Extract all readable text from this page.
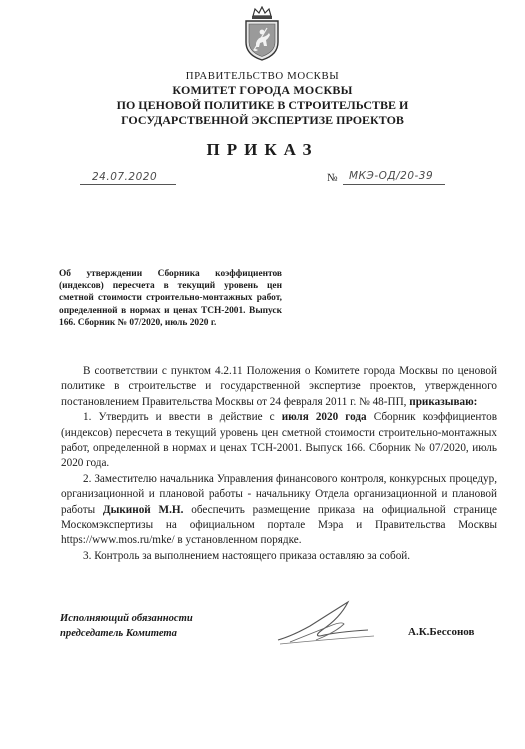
ПРАВИТЕЛЬСТВО МОСКВЫ
КОМИТЕТ ГОРОДА МОСКВЫ
ПО ЦЕНОВОЙ ПОЛИТИКЕ В СТРОИТЕЛЬСТВЕ И
ГОСУДАРСТВЕННОЙ ЭКСПЕРТИЗЕ ПРОЕКТОВ
ПРИКАЗ
24.07.2020	№ МКЭ-ОД/20-39
Об утверждении Сборника коэффициентов (индексов) пересчета в текущий уровень цен сметной стоимости строительно-монтажных работ, определенной в нормах и ценах ТСН-2001. Выпуск 166. Сборник № 07/2020, июль 2020 г.

В соответствии с пунктом 4.2.11 Положения о Комитете города Москвы по ценовой политике в строительстве и государственной экспертизе проектов, утвержденного постановлением Правительства Москвы от 24 февраля 2011 г. № 48-ПП, приказываю:

1. Утвердить и ввести в действие с июля 2020 года Сборник коэффициентов (индексов) пересчета в текущий уровень цен сметной стоимости строительно-монтажных работ, определенной в нормах и ценах ТСН-2001. Выпуск 166. Сборник № 07/2020, июль 2020 года.

2. Заместителю начальника Управления финансового контроля, конкурсных процедур, организационной и плановой работы - начальнику Отдела организационной и плановой работы Дыкиной М.Н. обеспечить размещение приказа на официальной странице Москомэкспертизы на официальном портале Мэра и Правительства Москвы https://www.mos.ru/mke/ в установленном порядке.

3. Контроль за выполнением настоящего приказа оставляю за собой.

Исполняющий обязанности
председатель Комитета	А.К.Бессонов
